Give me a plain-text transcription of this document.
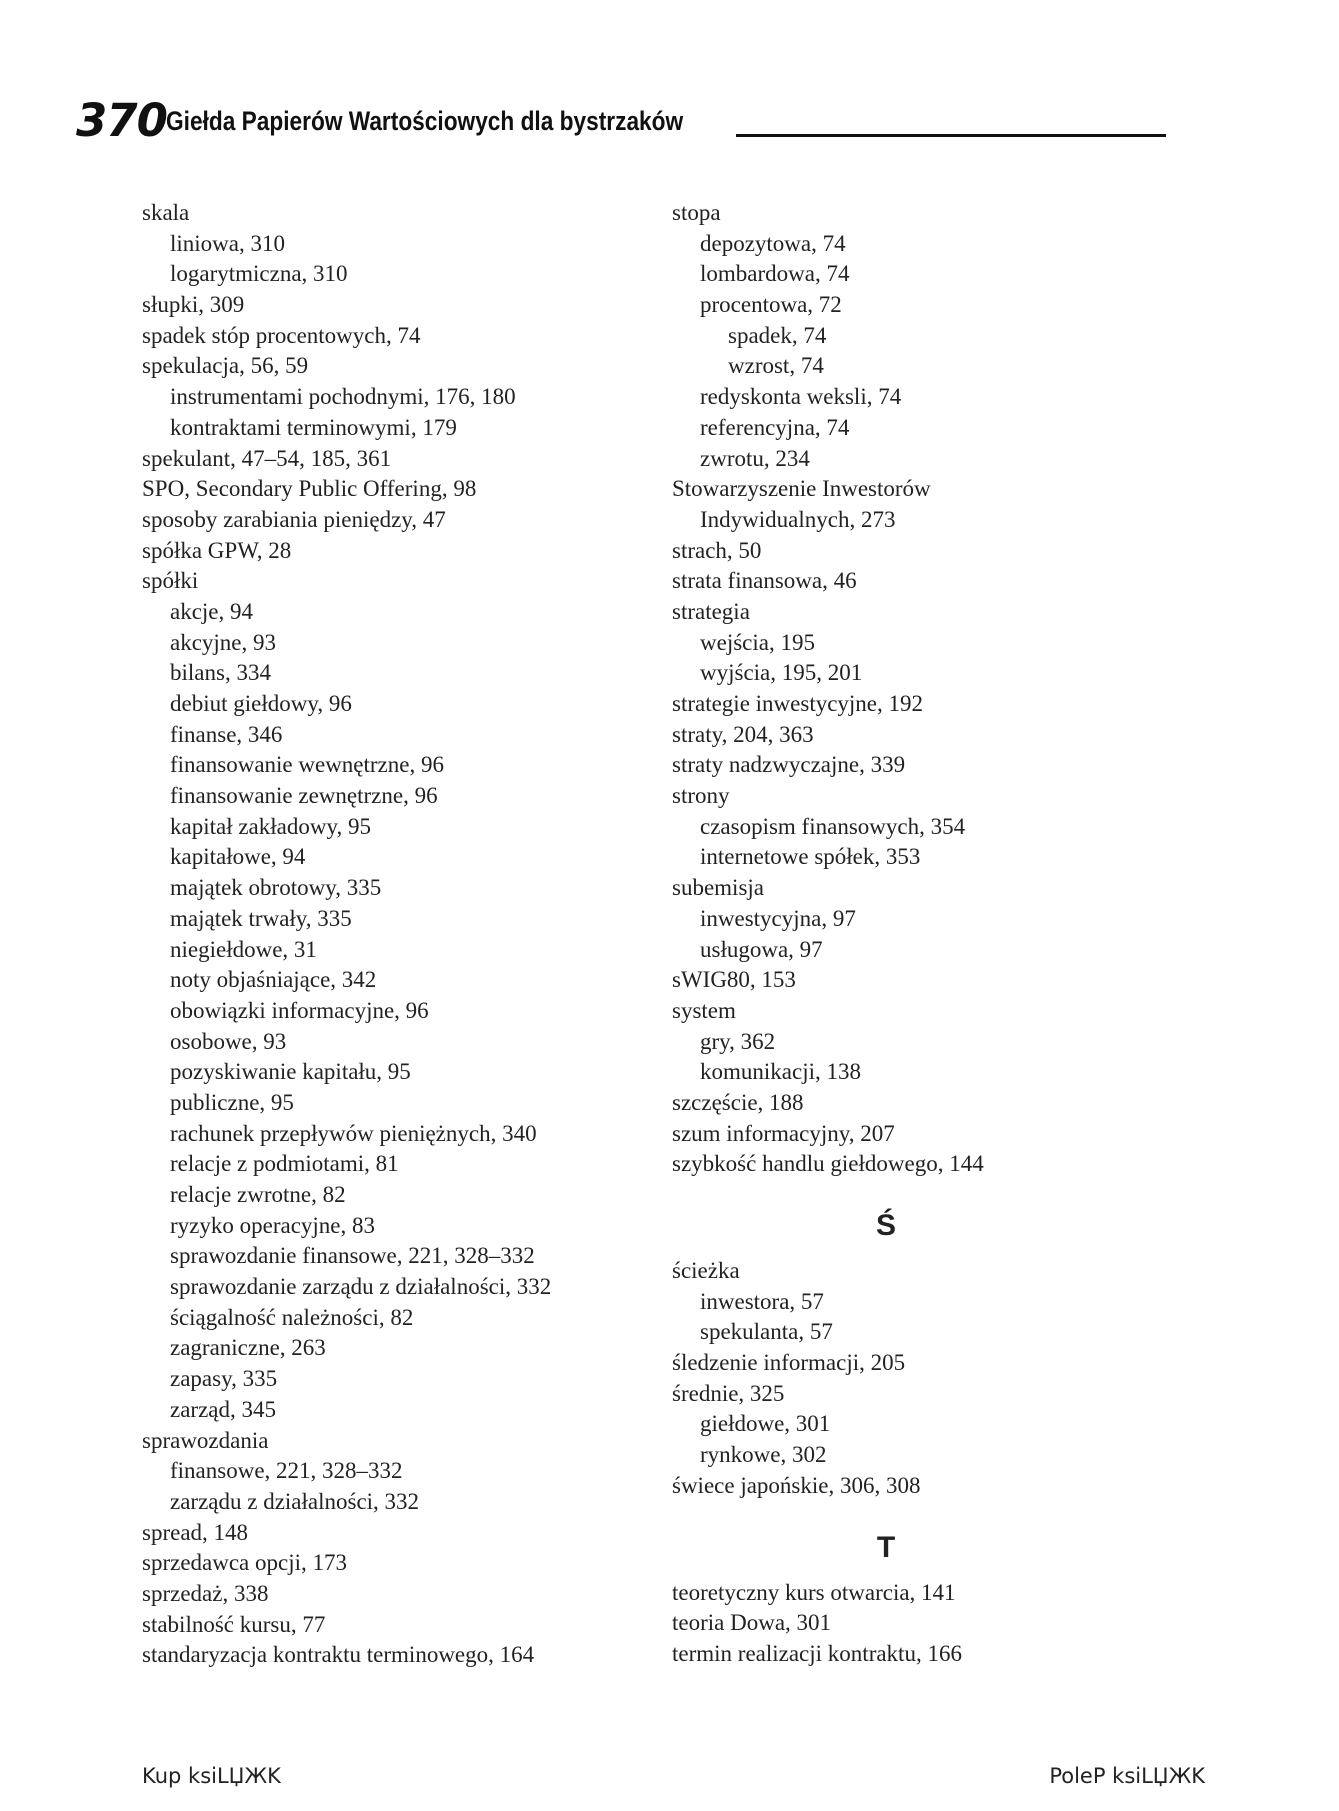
370 Giełda Papierów Wartościowych dla bystrzaków
skala
liniowa, 310
logarytmiczna, 310
słupki, 309
spadek stóp procentowych, 74
spekulacja, 56, 59
instrumentami pochodnymi, 176, 180
kontraktami terminowymi, 179
spekulant, 47–54, 185, 361
SPO, Secondary Public Offering, 98
sposoby zarabiania pieniędzy, 47
spółka GPW, 28
spółki
akcje, 94
akcyjne, 93
bilans, 334
debiut giełdowy, 96
finanse, 346
finansowanie wewnętrzne, 96
finansowanie zewnętrzne, 96
kapitał zakładowy, 95
kapitałowe, 94
majątek obrotowy, 335
majątek trwały, 335
niegiełdowe, 31
noty objaśniające, 342
obowiązki informacyjne, 96
osobowe, 93
pozyskiwanie kapitału, 95
publiczne, 95
rachunek przepływów pieniężnych, 340
relacje z podmiotami, 81
relacje zwrotne, 82
ryzyko operacyjne, 83
sprawozdanie finansowe, 221, 328–332
sprawozdanie zarządu z działalności, 332
ściągalność należności, 82
zagraniczne, 263
zapasy, 335
zarząd, 345
sprawozdania
finansowe, 221, 328–332
zarządu z działalności, 332
spread, 148
sprzedawca opcji, 173
sprzedaż, 338
stabilność kursu, 77
standaryzacja kontraktu terminowego, 164
stopa
depozytowa, 74
lombardowa, 74
procentowa, 72
spadek, 74
wzrost, 74
redyskonta weksli, 74
referencyjna, 74
zwrotu, 234
Stowarzyszenie Inwestorów
Indywidualnych, 273
strach, 50
strata finansowa, 46
strategia
wejścia, 195
wyjścia, 195, 201
strategie inwestycyjne, 192
straty, 204, 363
straty nadzwyczajne, 339
strony
czasopism finansowych, 354
internetowe spółek, 353
subemisja
inwestycyjna, 97
usługowa, 97
sWIG80, 153
system
gry, 362
komunikacji, 138
szczęście, 188
szum informacyjny, 207
szybkość handlu giełdowego, 144
Ś
ścieżka
inwestora, 57
spekulanta, 57
śledzenie informacji, 205
średnie, 325
giełdowe, 301
rynkowe, 302
świece japońskie, 306, 308
T
teoretyczny kurs otwarcia, 141
teoria Dowa, 301
termin realizacji kontraktu, 166
Kup ksiLЏЖK	PoleP ksiLЏЖK
